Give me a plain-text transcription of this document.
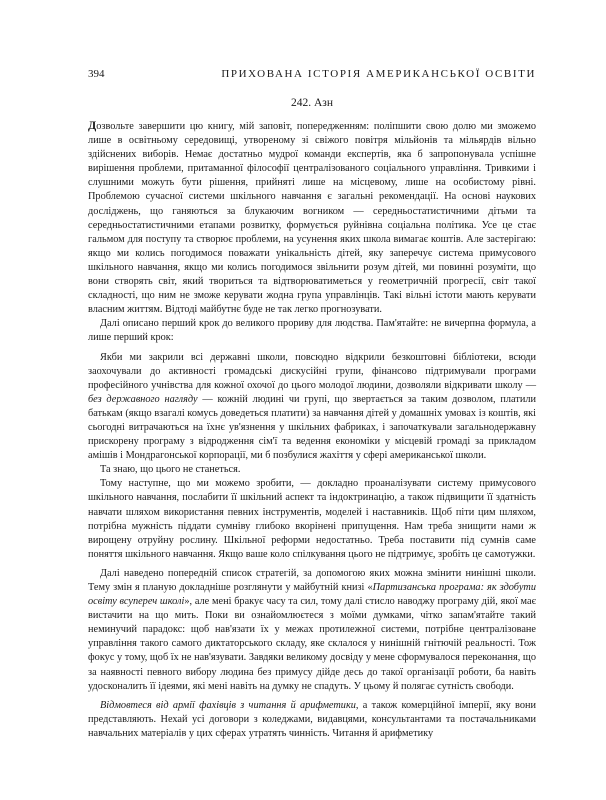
394	ПРИХОВАНА ІСТОРІЯ АМЕРИКАНСЬКОЇ ОСВІТИ
242. Азн

Дозвольте завершити цю книгу, мій заповіт, попередженням: поліпшити свою долю ми зможемо лише в освітньому середовищі, утвореному зі свіжого повітря мільйонів та мільярдів вільно здійснених виборів. Немає достатньо мудрої команди експертів, яка б запропонувала успішне вирішення проблеми, притаманної філософії централізованого соціального управління. Тривкими і слушними можуть бути рішення, прийняті лише на місцевому, лише на особистому рівні. Проблемою сучасної системи шкільного навчання є загальні рекомендації. На основі наукових досліджень, що ганяються за блукаючим вогником — середньостатистичними дітьми та середньостатистичними етапами розвитку, формується руйнівна соціальна політика. Усе це стає гальмом для поступу та створює проблеми, на усунення яких школа вимагає коштів. Але застерігаю: якщо ми колись погодимося поважати унікальність дітей, яку заперечує система примусового шкільного навчання, якщо ми колись погодимося звільнити розум дітей, ми повинні розуміти, що вони створять світ, який твориться та відтворюватиметься у геометричній прогресії, світ такої складності, що ним не зможе керувати жодна група управлінців. Такі вільні істоти мають керувати власним життям. Відтоді майбутнє буде не так легко прогнозувати.

Далі описано перший крок до великого прориву для людства. Пам'ятайте: не вичерпна формула, а лише перший крок:

Якби ми закрили всі державні школи, повсюдно відкрили безкоштовні бібліотеки, всюди заохочували до активності громадські дискусійні групи, фінансово підтримували програми професійного учнівства для кожної охочої до цього молодої людини, дозволяли відкривати школу — без державного нагляду — кожній людині чи групі, що звертається за таким дозволом, платили батькам (якщо взагалі комусь доведеться платити) за навчання дітей у домашніх умовах із коштів, які сьогодні витрачаються на їхнє ув'язнення у шкільних фабриках, і започаткували загальнодержавну прискорену програму з відродження сім'ї та ведення економіки у місцевій громаді за прикладом амішів і Мондрагонської корпорації, ми б позбулися жахіття у сфері американської школи.

Та знаю, що цього не станеться.

Тому наступне, що ми можемо зробити, — докладно проаналізувати систему примусового шкільного навчання, послабити її шкільний аспект та індоктринацію, а також підвищити її здатність навчати шляхом використання певних інструментів, моделей і наставників. Щоб піти цим шляхом, потрібна мужність піддати сумніву глибоко вкорінені припущення. Нам треба знищити нами ж вирощену отруйну рослину. Шкільної реформи недостатньо. Треба поставити під сумнів саме поняття шкільного навчання. Якщо ваше коло спілкування цього не підтримує, зробіть це самотужки.

Далі наведено попередній список стратегій, за допомогою яких можна змінити нинішні школи. Тему змін я планую докладніше розглянути у майбутній книзі «Партизанська програма: як здобути освіту всупереч школі», але мені бракує часу та сил, тому далі стисло наводжу програму дій, якої має вистачити на що мить. Поки ви ознайомлюєтеся з моїми думками, чітко запам'ятайте такий неминучий парадокс: щоб нав'язати їх у межах протилежної системи, потрібне централізоване управління такого самого диктаторського складу, яке склалося у нинішній гнітючій реальності. Тож фокус у тому, щоб їх не нав'язувати. Завдяки великому досвіду у мене сформувалося переконання, що за наявності певного вибору людина без примусу дійде десь до такої організації роботи, ба навіть удосконалить її ідеями, які мені навіть на думку не спадуть. У цьому й полягає сутність свободи.

Відмовтеся від армії фахівців з читання й арифметики, а також комерційної імперії, яку вони представляють. Нехай усі договори з коледжами, видавцями, консультантами та постачальниками навчальних матеріалів у цих сферах утратять чинність. Читання й арифметику
